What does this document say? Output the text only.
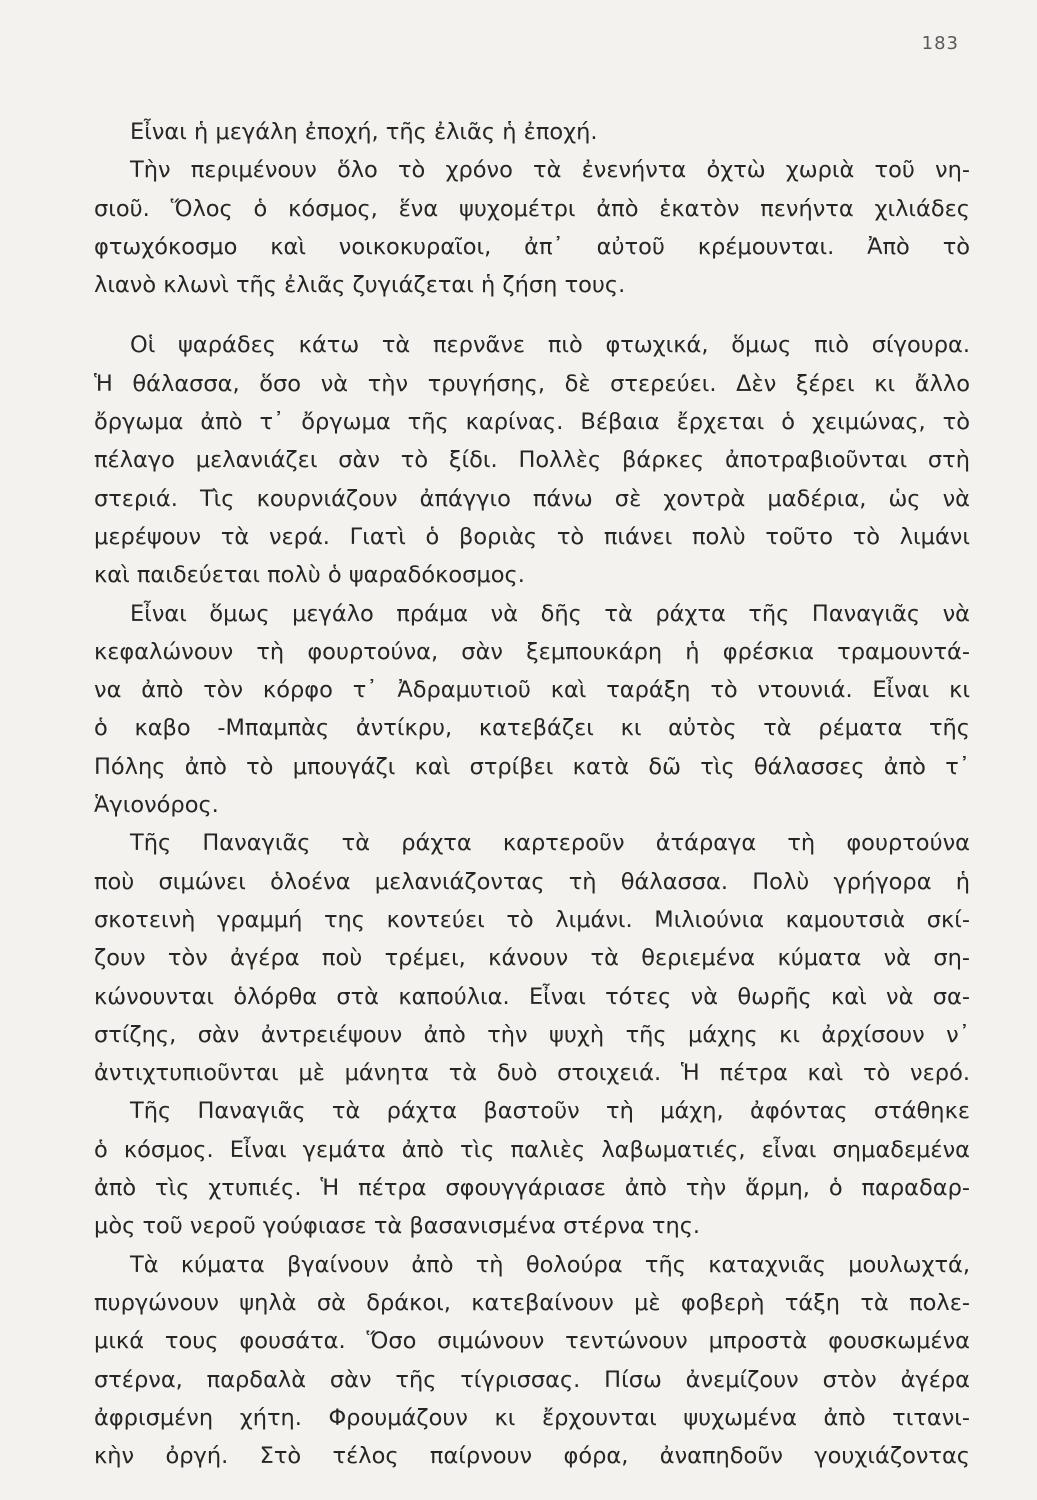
183
Εἶναι ἡ μεγάλη ἐποχή, τῆς ἐλιᾶς ἡ ἐποχή.
Τὴν περιμένουν ὅλο τὸ χρόνο τὰ ἐνενήντα ὀχτὼ χωριὰ τοῦ νη-
σιοῦ. Ὅλος ὁ κόσμος, ἕνα ψυχομέτρι ἀπὸ ἑκατὸν πενήντα χιλιάδες
φτωχόκοσμο καὶ νοικοκυραῖοι, ἀπ᾽ αὐτοῦ κρέμουνται. Ἀπὸ τὸ
λιανὸ κλωνὶ τῆς ἐλιᾶς ζυγιάζεται ἡ ζήση τους.
Οἱ ψαράδες κάτω τὰ περνᾶνε πιὸ φτωχικά, ὅμως πιὸ σίγουρα.
Ἡ θάλασσα, ὅσο νὰ τὴν τρυγήσης, δὲ στερεύει. Δὲν ξέρει κι ἄλλο
ὄργωμα ἀπὸ τ᾽ ὄργωμα τῆς καρίνας. Βέβαια ἔρχεται ὁ χειμώνας, τὸ
πέλαγο μελανιάζει σὰν τὸ ξίδι. Πολλὲς βάρκες ἀποτραβιοῦνται στὴ
στεριά. Τὶς κουρνιάζουν ἀπάγγιο πάνω σὲ χοντρὰ μαδέρια, ὡς νὰ
μερέψουν τὰ νερά. Γιατὶ ὁ βοριὰς τὸ πιάνει πολὺ τοῦτο τὸ λιμάνι
καὶ παιδεύεται πολὺ ὁ ψαραδόκοσμος.
Εἶναι ὅμως μεγάλο πράμα νὰ δῆς τὰ ράχτα τῆς Παναγιᾶς νὰ
κεφαλώνουν τὴ φουρτούνα, σὰν ξεμπουκάρη ἡ φρέσκια τραμουντά-
να ἀπὸ τὸν κόρφο τ᾽ Ἀδραμυτιοῦ καὶ ταράξη τὸ ντουνιά. Εἶναι κι
ὁ καβο -Μπαμπὰς ἀντίκρυ, κατεβάζει κι αὐτὸς τὰ ρέματα τῆς
Πόλης ἀπὸ τὸ μπουγάζι καὶ στρίβει κατὰ δῶ τὶς θάλασσες ἀπὸ τ᾽
Ἁγιονόρος.
Τῆς Παναγιᾶς τὰ ράχτα καρτεροῦν ἀτάραγα τὴ φουρτούνα
ποὺ σιμώνει ὁλοένα μελανιάζοντας τὴ θάλασσα. Πολὺ γρήγορα ἡ
σκοτεινὴ γραμμή της κοντεύει τὸ λιμάνι. Μιλιούνια καμουτσιὰ σκί-
ζουν τὸν ἀγέρα ποὺ τρέμει, κάνουν τὰ θεριεμένα κύματα νὰ ση-
κώνουνται ὁλόρθα στὰ καπούλια. Εἶναι τότες νὰ θωρῆς καὶ νὰ σα-
στίζης, σὰν ἀντρειέψουν ἀπὸ τὴν ψυχὴ τῆς μάχης κι ἀρχίσουν ν᾽
ἀντιχτυπιοῦνται μὲ μάνητα τὰ δυὸ στοιχειά. Ἡ πέτρα καὶ τὸ νερό.
Τῆς Παναγιᾶς τὰ ράχτα βαστοῦν τὴ μάχη, ἀφόντας στάθηκε
ὁ κόσμος. Εἶναι γεμάτα ἀπὸ τὶς παλιὲς λαβωματιές, εἶναι σημαδεμένα
ἀπὸ τὶς χτυπιές. Ἡ πέτρα σφουγγάριασε ἀπὸ τὴν ἅρμη, ὁ παραδαρ-
μὸς τοῦ νεροῦ γούφιασε τὰ βασανισμένα στέρνα της.
Τὰ κύματα βγαίνουν ἀπὸ τὴ θολούρα τῆς καταχνιᾶς μουλωχτά,
πυργώνουν ψηλὰ σὰ δράκοι, κατεβαίνουν μὲ φοβερὴ τάξη τὰ πολε-
μικά τους φουσάτα. Ὅσο σιμώνουν τεντώνουν μπροστὰ φουσκωμένα
στέρνα, παρδαλὰ σὰν τῆς τίγρισσας. Πίσω ἀνεμίζουν στὸν ἀγέρα
ἀφρισμένη χήτη. Φρουμάζουν κι ἔρχουνται ψυχωμένα ἀπὸ τιτανι-
κὴν ὀργή. Στὸ τέλος παίρνουν φόρα, ἀναπηδοῦν γουχιάζοντας
